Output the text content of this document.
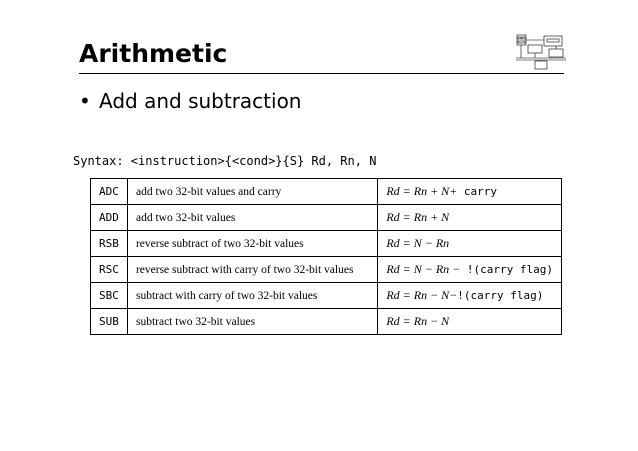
Arithmetic
• Add and subtraction
Syntax: <instruction>{<cond>}{S} Rd, Rn, N
ADC	add two 32-bit values and carry	Rd = Rn + N+ carry
ADD	add two 32-bit values	Rd = Rn + N
RSB	reverse subtract of two 32-bit values	Rd = N − Rn
RSC	reverse subtract with carry of two 32-bit values	Rd = N − Rn − !(carry flag)
SBC	subtract with carry of two 32-bit values	Rd = Rn − N−!(carry flag)
SUB	subtract two 32-bit values	Rd = Rn − N
